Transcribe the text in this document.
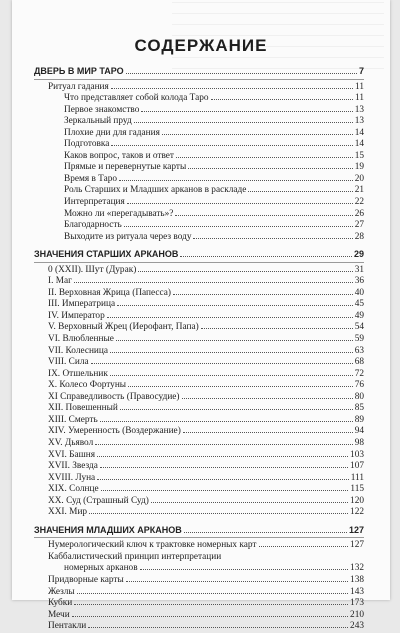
СОДЕРЖАНИЕ
ДВЕРЬ В МИР ТАРО	7
Ритуал гадания	11
Что представляет собой колода Таро	11
Первое знакомство	13
Зеркальный пруд	13
Плохие дни для гадания	14
Подготовка	14
Каков вопрос, таков и ответ	15
Прямые и перевернутые карты	19
Время в Таро	20
Роль Старших и Младших арканов в раскладе	21
Интерпретация	22
Можно ли «перегадывать»?	26
Благодарность	27
Выходите из ритуала через воду	28
ЗНАЧЕНИЯ СТАРШИХ АРКАНОВ	29
0 (XXII). Шут (Дурак)	31
I. Маг	36
II. Верховная Жрица (Папесса)	40
III. Императрица	45
IV. Император	49
V. Верховный Жрец (Иерофант, Папа)	54
VI. Влюбленные	59
VII. Колесница	63
VIII. Сила	68
IX. Отшельник	72
X. Колесо Фортуны	76
XI Справедливость (Правосудие)	80
XII. Повешенный	85
XIII. Смерть	89
XIV. Умеренность (Воздержание)	94
XV. Дьявол	98
XVI. Башня	103
XVII. Звезда	107
XVIII. Луна	111
XIX. Солнце	115
XX. Суд (Страшный Суд)	120
XXI. Мир	122
ЗНАЧЕНИЯ МЛАДШИХ АРКАНОВ	127
Нумерологический ключ к трактовке номерных карт	127
Каббалистический принцип интерпретации
номерных арканов	132
Придворные карты	138
Жезлы	143
Кубки	173
Мечи	210
Пентакли	243
